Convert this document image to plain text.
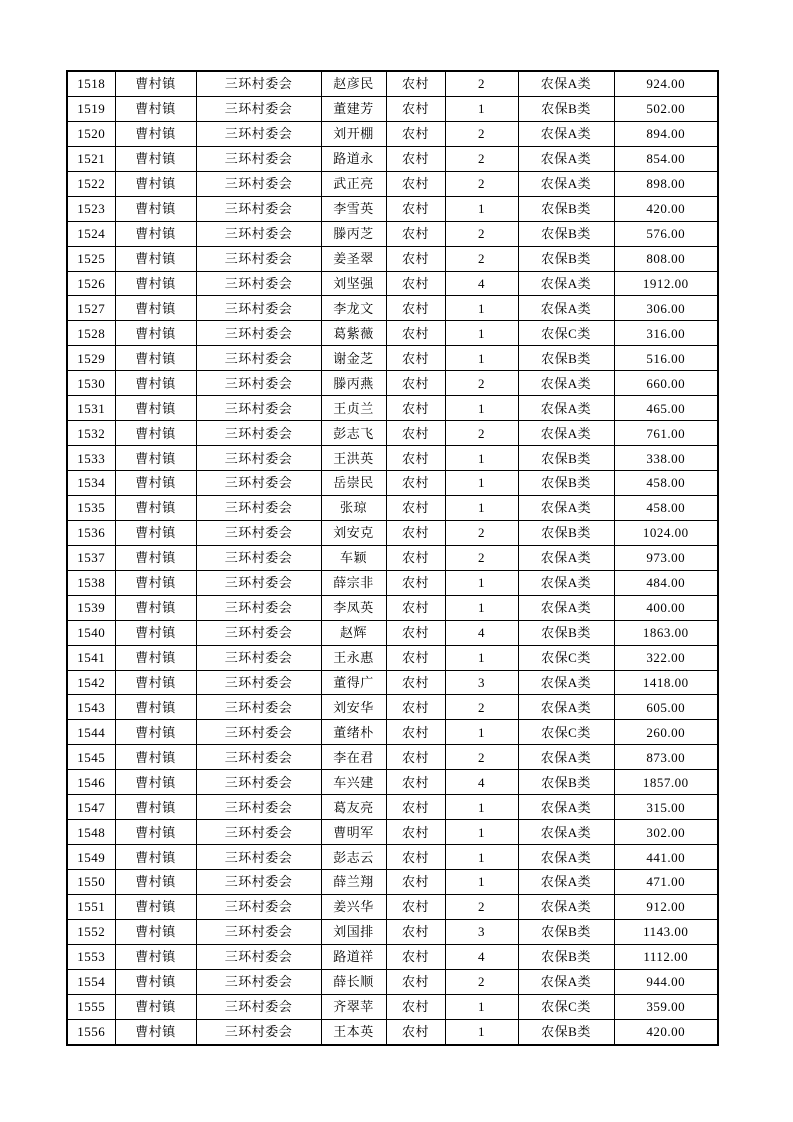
1518	曹村镇	三环村委会	赵彦民	农村	2	农保A类	924.00
1519	曹村镇	三环村委会	董建芳	农村	1	农保B类	502.00
1520	曹村镇	三环村委会	刘开棚	农村	2	农保A类	894.00
1521	曹村镇	三环村委会	路道永	农村	2	农保A类	854.00
1522	曹村镇	三环村委会	武正亮	农村	2	农保A类	898.00
1523	曹村镇	三环村委会	李雪英	农村	1	农保B类	420.00
1524	曹村镇	三环村委会	滕丙芝	农村	2	农保B类	576.00
1525	曹村镇	三环村委会	姜圣翠	农村	2	农保B类	808.00
1526	曹村镇	三环村委会	刘坚强	农村	4	农保A类	1912.00
1527	曹村镇	三环村委会	李龙文	农村	1	农保A类	306.00
1528	曹村镇	三环村委会	葛紫薇	农村	1	农保C类	316.00
1529	曹村镇	三环村委会	谢金芝	农村	1	农保B类	516.00
1530	曹村镇	三环村委会	滕丙燕	农村	2	农保A类	660.00
1531	曹村镇	三环村委会	王贞兰	农村	1	农保A类	465.00
1532	曹村镇	三环村委会	彭志飞	农村	2	农保A类	761.00
1533	曹村镇	三环村委会	王洪英	农村	1	农保B类	338.00
1534	曹村镇	三环村委会	岳崇民	农村	1	农保B类	458.00
1535	曹村镇	三环村委会	张琼	农村	1	农保A类	458.00
1536	曹村镇	三环村委会	刘安克	农村	2	农保B类	1024.00
1537	曹村镇	三环村委会	车颖	农村	2	农保A类	973.00
1538	曹村镇	三环村委会	薛宗非	农村	1	农保A类	484.00
1539	曹村镇	三环村委会	李凤英	农村	1	农保A类	400.00
1540	曹村镇	三环村委会	赵辉	农村	4	农保B类	1863.00
1541	曹村镇	三环村委会	王永惠	农村	1	农保C类	322.00
1542	曹村镇	三环村委会	董得广	农村	3	农保A类	1418.00
1543	曹村镇	三环村委会	刘安华	农村	2	农保A类	605.00
1544	曹村镇	三环村委会	董绪朴	农村	1	农保C类	260.00
1545	曹村镇	三环村委会	李在君	农村	2	农保A类	873.00
1546	曹村镇	三环村委会	车兴建	农村	4	农保B类	1857.00
1547	曹村镇	三环村委会	葛友亮	农村	1	农保A类	315.00
1548	曹村镇	三环村委会	曹明军	农村	1	农保A类	302.00
1549	曹村镇	三环村委会	彭志云	农村	1	农保A类	441.00
1550	曹村镇	三环村委会	薛兰翔	农村	1	农保A类	471.00
1551	曹村镇	三环村委会	姜兴华	农村	2	农保A类	912.00
1552	曹村镇	三环村委会	刘国排	农村	3	农保B类	1143.00
1553	曹村镇	三环村委会	路道祥	农村	4	农保B类	1112.00
1554	曹村镇	三环村委会	薛长顺	农村	2	农保A类	944.00
1555	曹村镇	三环村委会	齐翠苹	农村	1	农保C类	359.00
1556	曹村镇	三环村委会	王本英	农村	1	农保B类	420.00
